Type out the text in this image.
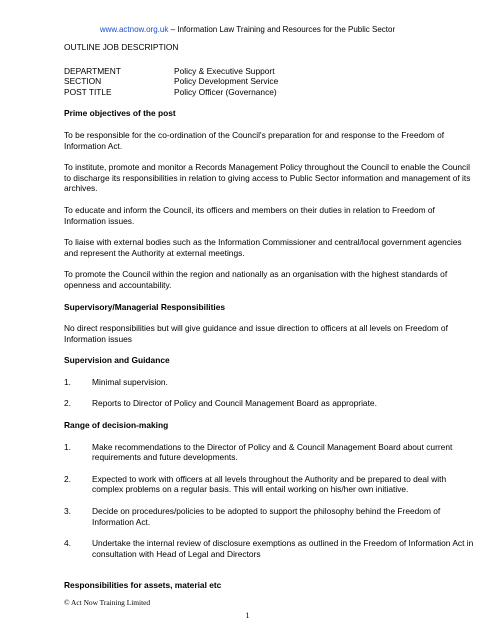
www.actnow.org.uk – Information Law Training and Resources for the Public Sector

OUTLINE JOB DESCRIPTION

DEPARTMENT	Policy & Executive Support
SECTION	Policy Development Service
POST TITLE	Policy Officer (Governance)

Prime objectives of the post

To be responsible for the co-ordination of the Council's preparation for and response to the Freedom of Information Act.

To institute, promote and monitor a Records Management Policy throughout the Council to enable the Council to discharge its responsibilities in relation to giving access to Public Sector information and management of its archives.

To educate and inform the Council, its officers and members on their duties in relation to Freedom of Information issues.

To liaise with external bodies such as the Information Commissioner and central/local government agencies and represent the Authority at external meetings.

To promote the Council within the region and nationally as an organisation with the highest standards of openness and accountability.

Supervisory/Managerial Responsibilities

No direct responsibilities but will give guidance and issue direction to officers at all levels on Freedom of Information issues

Supervision and Guidance

1.	Minimal supervision.
2.	Reports to Director of Policy and Council Management Board as appropriate.

Range of decision-making

1.	Make recommendations to the Director of Policy and & Council Management Board about current requirements and future developments.
2.	Expected to work with officers at all levels throughout the Authority and be prepared to deal with complex problems on a regular basis. This will entail working on his/her own initiative.
3.	Decide on procedures/policies to be adopted to support the philosophy behind the Freedom of Information Act.
4.	Undertake the internal review of disclosure exemptions as outlined in the Freedom of Information Act in consultation with Head of Legal and Directors

Responsibilities for assets, material etc

© Act Now Training Limited
1
